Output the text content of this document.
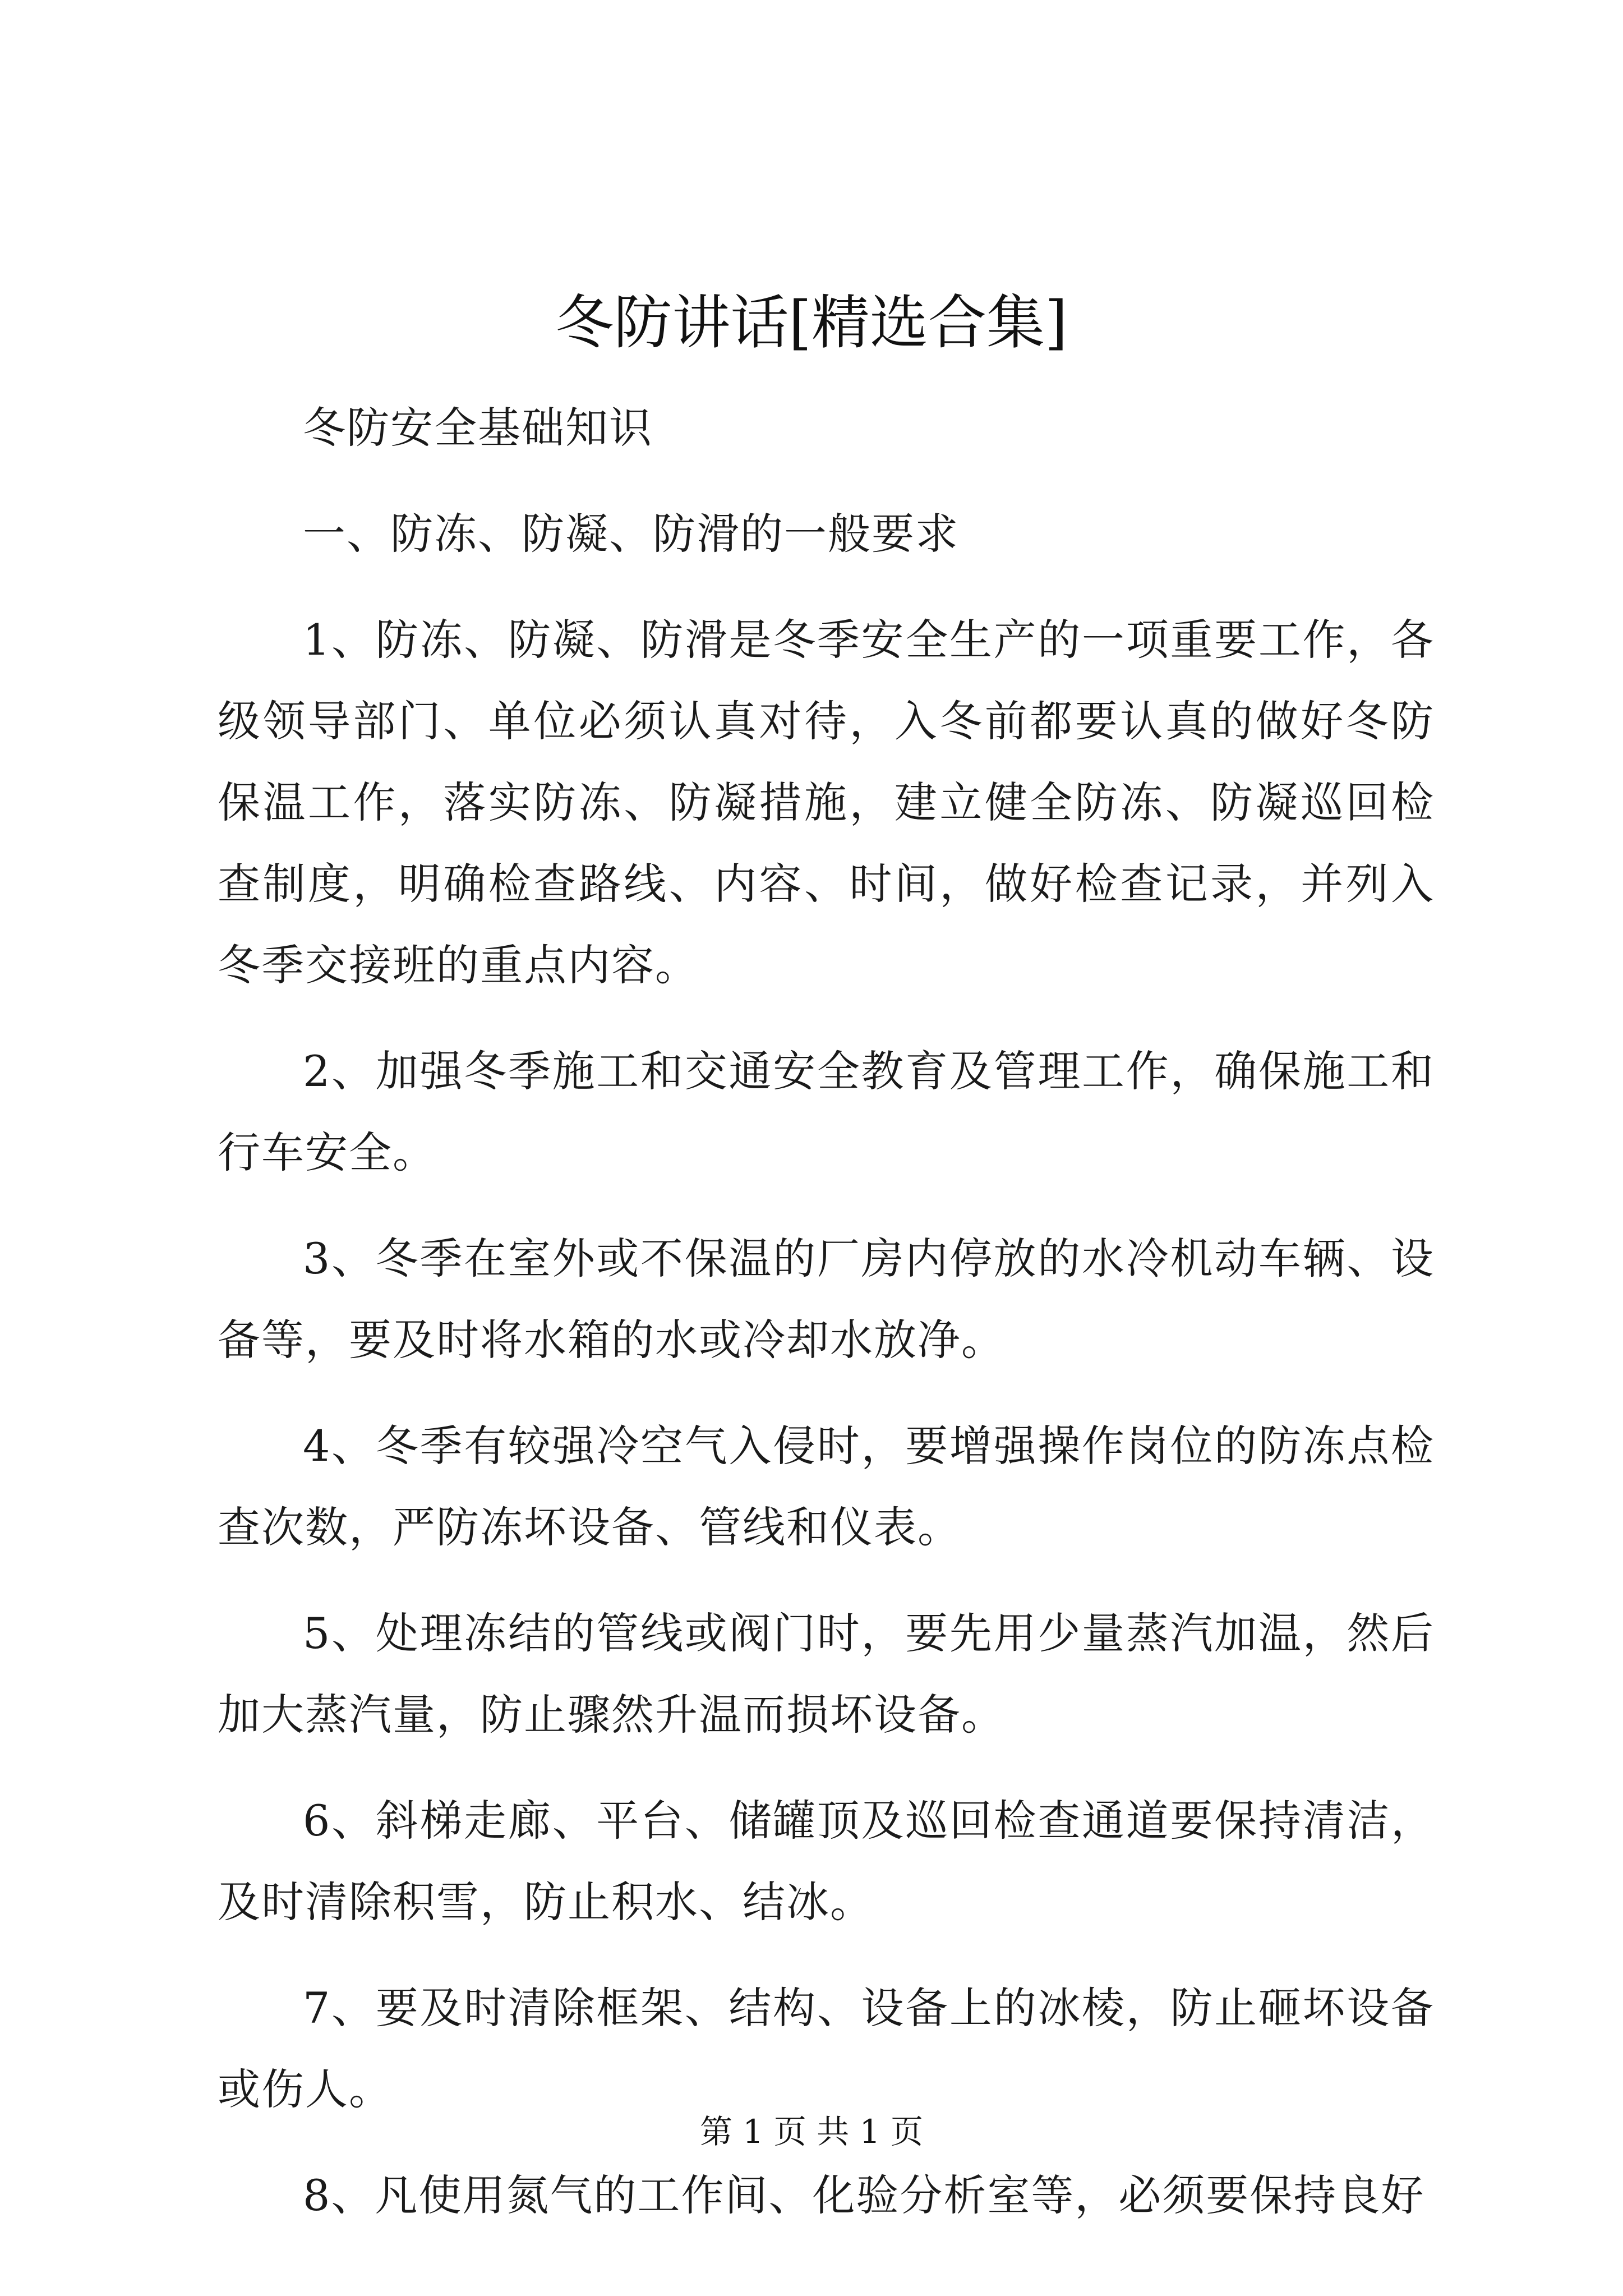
冬防讲话[精选合集]

冬防安全基础知识

一、防冻、防凝、防滑的一般要求

1、防冻、防凝、防滑是冬季安全生产的一项重要工作，各级领导部门、单位必须认真对待，入冬前都要认真的做好冬防保温工作，落实防冻、防凝措施，建立健全防冻、防凝巡回检查制度，明确检查路线、内容、时间，做好检查记录，并列入冬季交接班的重点内容。

2、加强冬季施工和交通安全教育及管理工作，确保施工和行车安全。

3、冬季在室外或不保温的厂房内停放的水冷机动车辆、设备等，要及时将水箱的水或冷却水放净。

4、冬季有较强冷空气入侵时，要增强操作岗位的防冻点检查次数，严防冻坏设备、管线和仪表。

5、处理冻结的管线或阀门时，要先用少量蒸汽加温，然后加大蒸汽量，防止骤然升温而损坏设备。

6、斜梯走廊、平台、储罐顶及巡回检查通道要保持清洁，及时清除积雪，防止积水、结冰。

7、要及时清除框架、结构、设备上的冰棱，防止砸坏设备或伤人。

8、凡使用氮气的工作间、化验分析室等，必须要保持良好

第 1 页 共 1 页
